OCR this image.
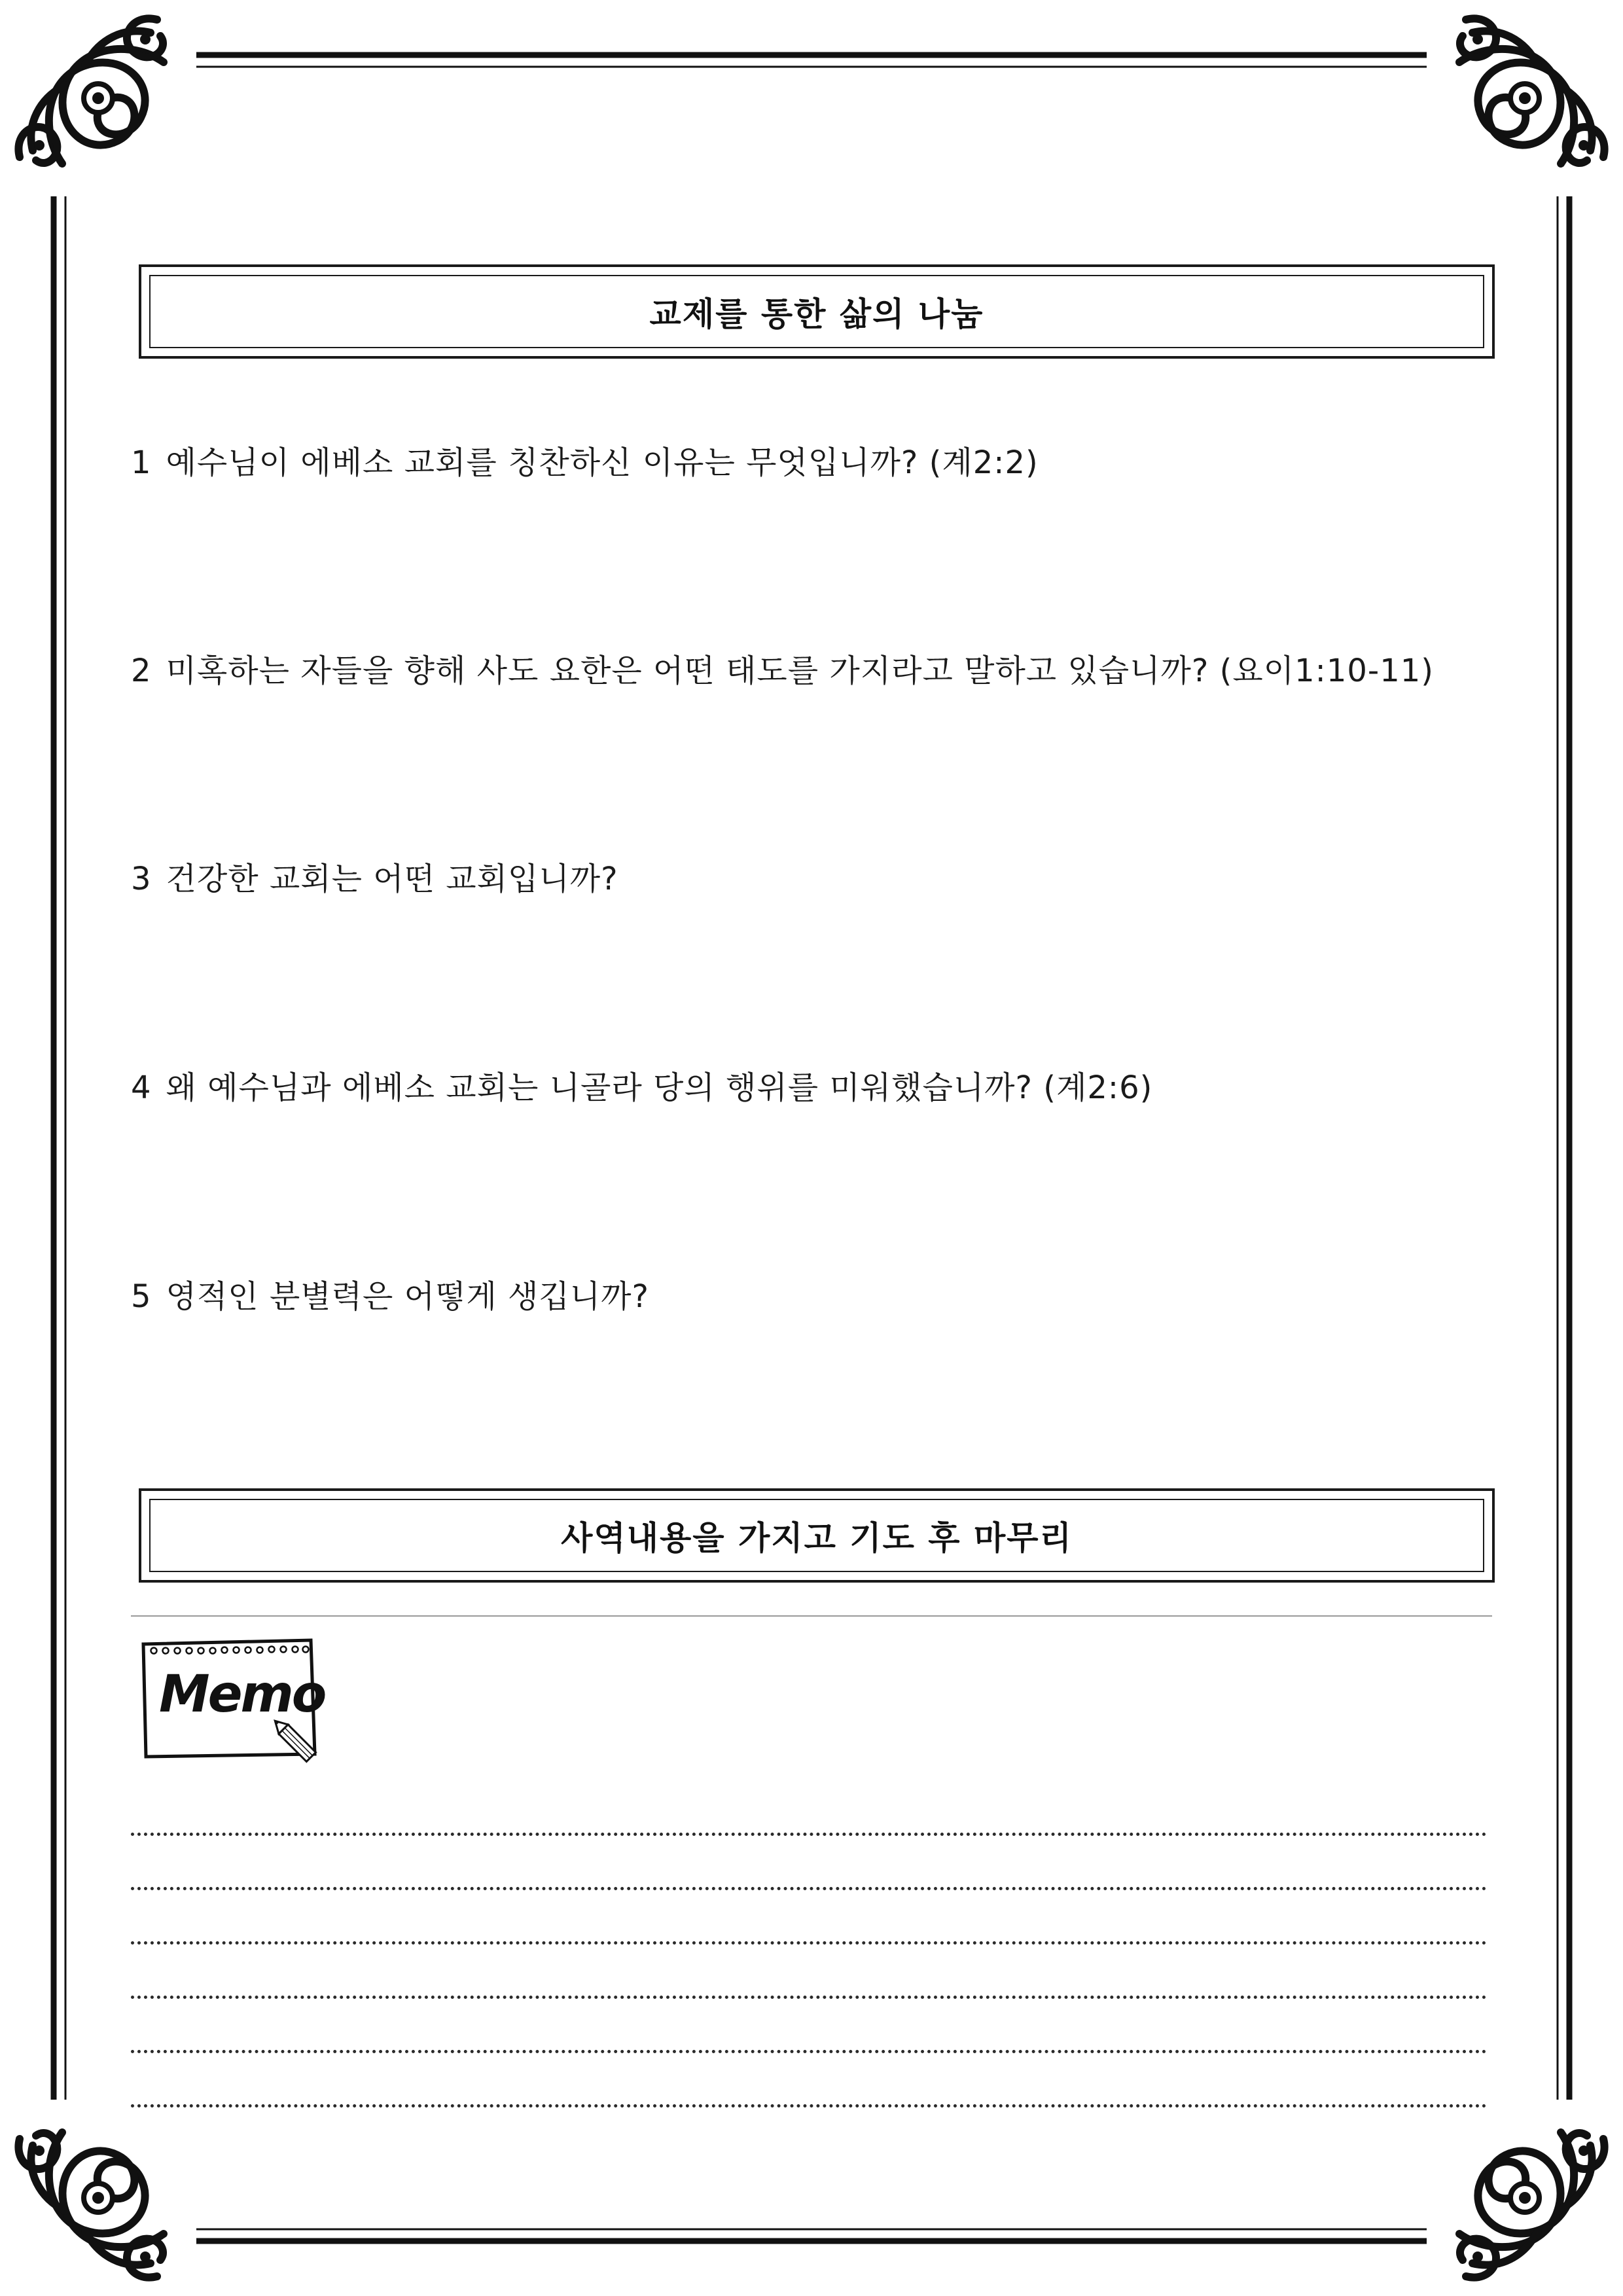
교제를 통한 삶의 나눔
1 예수님이 에베소 교회를 칭찬하신 이유는 무엇입니까? (계2:2)
2 미혹하는 자들을 향해 사도 요한은 어떤 태도를 가지라고 말하고 있습니까? (요이1:10-11)
3 건강한 교회는 어떤 교회입니까?
4 왜 예수님과 에베소 교회는 니골라 당의 행위를 미워했습니까? (계2:6)
5 영적인 분별력은 어떻게 생깁니까?
사역내용을 가지고 기도 후 마무리
Memo
